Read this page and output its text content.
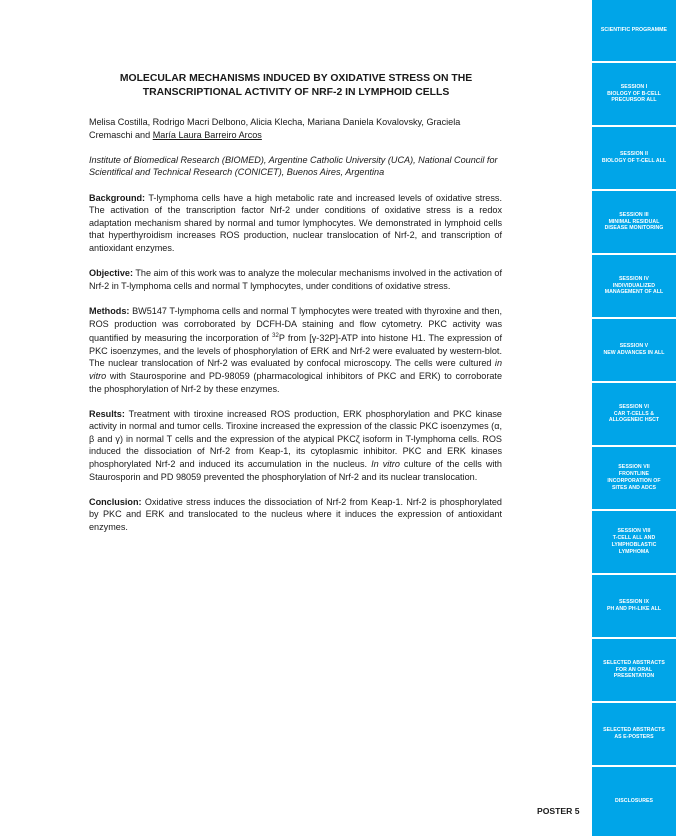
MOLECULAR MECHANISMS INDUCED BY OXIDATIVE STRESS ON THE TRANSCRIPTIONAL ACTIVITY OF NRF-2 IN LYMPHOID CELLS

Melisa Costilla, Rodrigo Macri Delbono, Alicia Klecha, Mariana Daniela Kovalovsky, Graciela Cremaschi and María Laura Barreiro Arcos

Institute of Biomedical Research (BIOMED), Argentine Catholic University (UCA), National Council for Scientifical and Technical Research (CONICET), Buenos Aires, Argentina

Background: T-lymphoma cells have a high metabolic rate and increased levels of oxidative stress. The activation of the transcription factor Nrf-2 under conditions of oxidative stress is a redox adaptation mechanism shared by normal and tumor lymphocytes. We demonstrated in lymphoid cells that hyperthyroidism increases ROS production, nuclear translocation of Nrf-2, and transcription of antioxidant enzymes.

Objective: The aim of this work was to analyze the molecular mechanisms involved in the activation of Nrf-2 in T-lymphoma cells and normal T lymphocytes, under conditions of oxidative stress.

Methods: BW5147 T-lymphoma cells and normal T lymphocytes were treated with thyroxine and then, ROS production was corroborated by DCFH-DA staining and flow cytometry. PKC activity was quantified by measuring the incorporation of $^{32}$P from [γ-32P]-ATP into histone H1. The expression of PKC isoenzymes, and the levels of phosphorylation of ERK and Nrf-2 were evaluated by western-blot. The nuclear translocation of Nrf-2 was evaluated by confocal microscopy. The cells were cultured in vitro with Staurosporine and PD-98059 (pharmacological inhibitors of PKC and ERK) to corroborate the phosphorylation of Nrf-2 by these enzymes.

Results: Treatment with tiroxine increased ROS production, ERK phosphorylation and PKC kinase activity in normal and tumor cells. Tiroxine increased the expression of the classic PKC isoenzymes (α, β and γ) in normal T cells and the expression of the atypical PKCζ isoform in T-lymphoma cells. ROS induced the dissociation of Nrf-2 from Keap-1, its cytoplasmic inhibitor. PKC and ERK kinases phosphorylated Nrf-2 and induced its accumulation in the nucleus. In vitro culture of the cells with Staurosporin and PD 98059 prevented the phosphorylation of Nrf-2 and its nuclear translocation.

Conclusion: Oxidative stress induces the dissociation of Nrf-2 from Keap-1. Nrf-2 is phosphorylated by PKC and ERK and translocated to the nucleus where it induces the expression of antioxidant enzymes.

POSTER 5
SCIENTIFIC PROGRAMME
SESSION I
BIOLOGY OF B-CELL
PRECURSOR ALL
SESSION II
BIOLOGY OF T-CELL ALL
SESSION III
MINIMAL RESIDUAL
DISEASE MONITORING
SESSION IV
INDIVIDUALIZED
MANAGEMENT OF ALL
SESSION V
NEW ADVANCES IN ALL
SESSION VI
CAR T-CELLS &
ALLOGENEIC HSCT
SESSION VII
FRONTLINE
INCORPORATION OF
SITES AND ADCS
SESSION VIII
T-CELL ALL AND
LYMPHOBLASTIC
LYMPHOMA
SESSION IX
PH AND PH-LIKE ALL
SELECTED ABSTRACTS
FOR AN ORAL
PRESENTATION
SELECTED ABSTRACTS
AS E-POSTERS
DISCLOSURES
